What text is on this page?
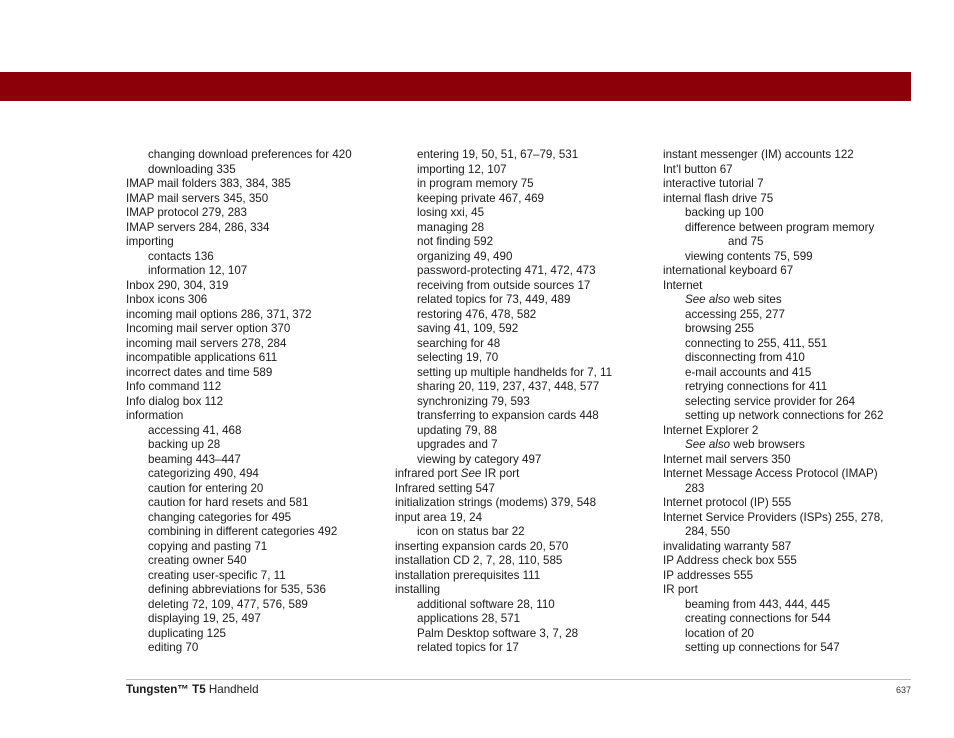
changing download preferences for 420
downloading 335
IMAP mail folders 383, 384, 385
IMAP mail servers 345, 350
IMAP protocol 279, 283
IMAP servers 284, 286, 334
importing
contacts 136
information 12, 107
Inbox 290, 304, 319
Inbox icons 306
incoming mail options 286, 371, 372
Incoming mail server option 370
incoming mail servers 278, 284
incompatible applications 611
incorrect dates and time 589
Info command 112
Info dialog box 112
information
accessing 41, 468
backing up 28
beaming 443–447
categorizing 490, 494
caution for entering 20
caution for hard resets and 581
changing categories for 495
combining in different categories 492
copying and pasting 71
creating owner 540
creating user-specific 7, 11
defining abbreviations for 535, 536
deleting 72, 109, 477, 576, 589
displaying 19, 25, 497
duplicating 125
editing 70
entering 19, 50, 51, 67–79, 531
importing 12, 107
in program memory 75
keeping private 467, 469
losing xxi, 45
managing 28
not finding 592
organizing 49, 490
password-protecting 471, 472, 473
receiving from outside sources 17
related topics for 73, 449, 489
restoring 476, 478, 582
saving 41, 109, 592
searching for 48
selecting 19, 70
setting up multiple handhelds for 7, 11
sharing 20, 119, 237, 437, 448, 577
synchronizing 79, 593
transferring to expansion cards 448
updating 79, 88
upgrades and 7
viewing by category 497
infrared port See IR port
Infrared setting 547
initialization strings (modems) 379, 548
input area 19, 24
icon on status bar 22
inserting expansion cards 20, 570
installation CD 2, 7, 28, 110, 585
installation prerequisites 111
installing
additional software 28, 110
applications 28, 571
Palm Desktop software 3, 7, 28
related topics for 17
instant messenger (IM) accounts 122
Int’l button 67
interactive tutorial 7
internal flash drive 75
backing up 100
difference between program memory
and 75
viewing contents 75, 599
international keyboard 67
Internet
See also web sites
accessing 255, 277
browsing 255
connecting to 255, 411, 551
disconnecting from 410
e-mail accounts and 415
retrying connections for 411
selecting service provider for 264
setting up network connections for 262
Internet Explorer 2
See also web browsers
Internet mail servers 350
Internet Message Access Protocol (IMAP)
283
Internet protocol (IP) 555
Internet Service Providers (ISPs) 255, 278,
284, 550
invalidating warranty 587
IP Address check box 555
IP addresses 555
IR port
beaming from 443, 444, 445
creating connections for 544
location of 20
setting up connections for 547
Tungsten™ T5 Handheld	637
